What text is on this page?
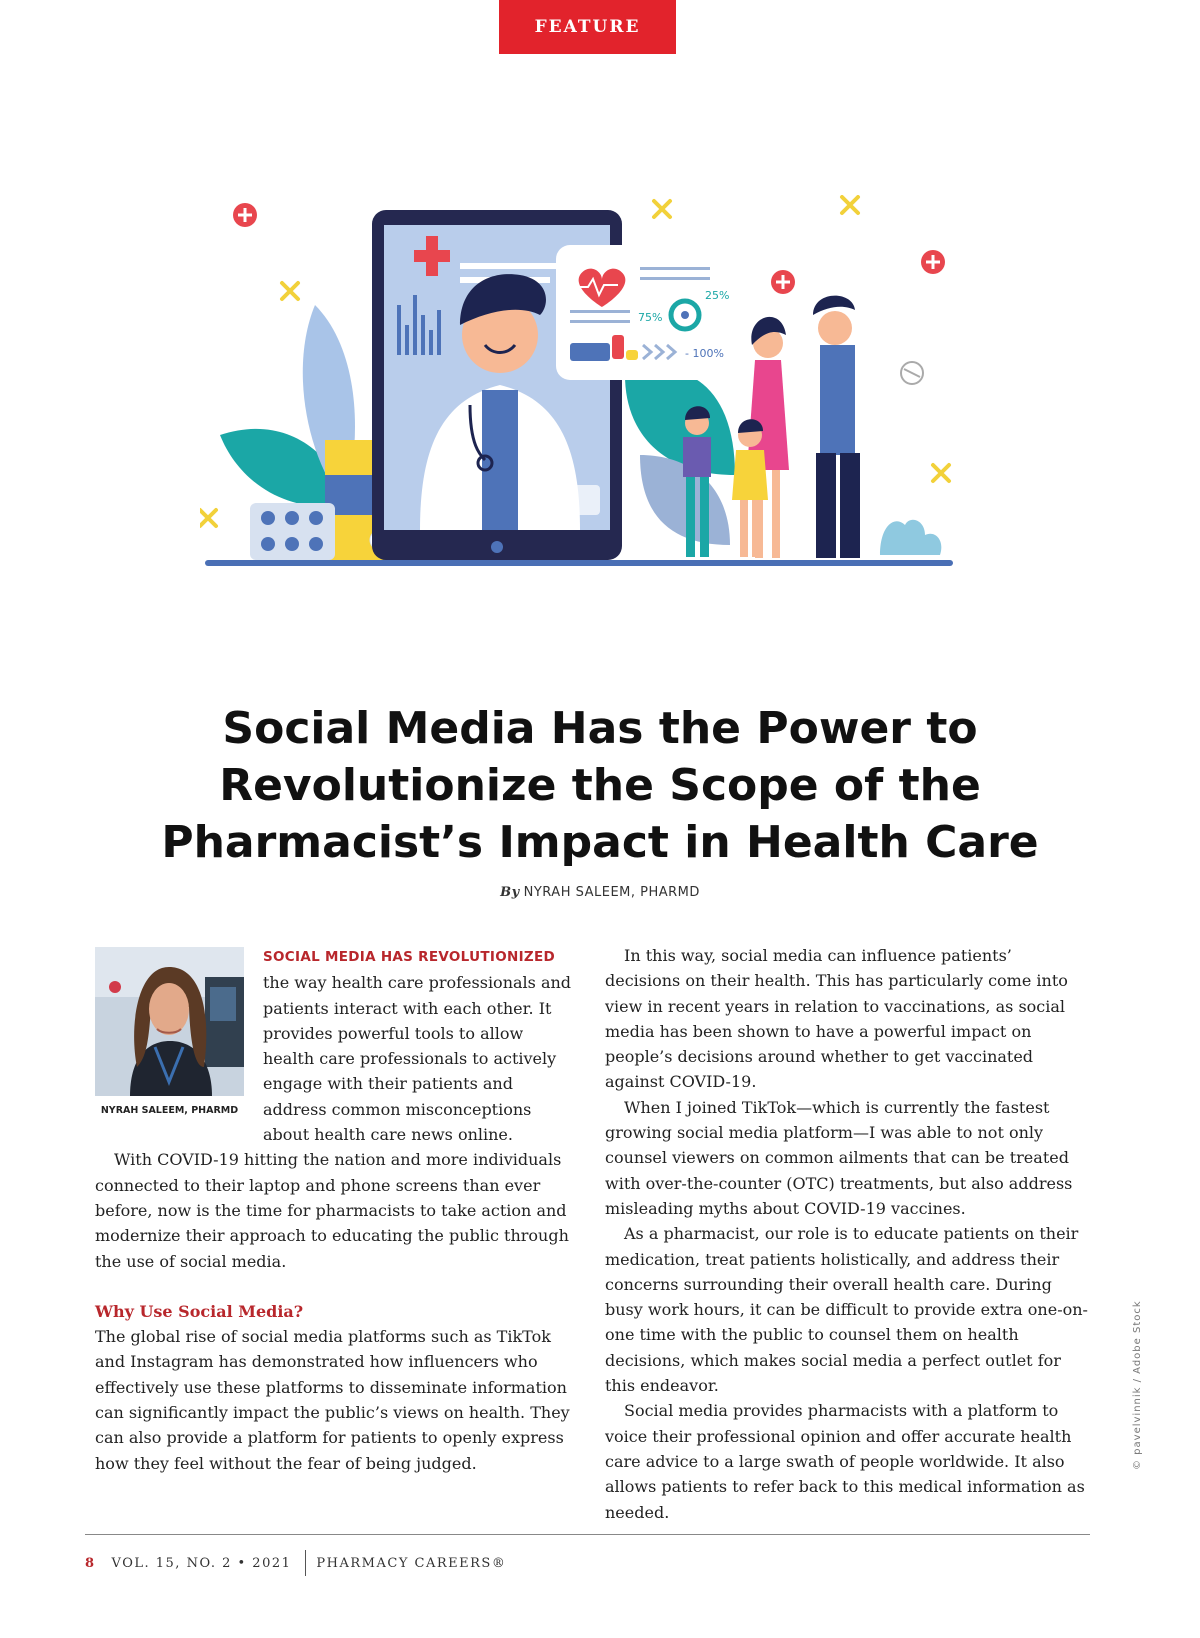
FEATURE
25%
75%
- 100%
Social Media Has the Power to Revolutionize the Scope of the Pharmacist’s Impact in Health Care
By NYRAH SALEEM, PHARMD

SOCIAL MEDIA HAS REVOLUTIONIZED the way health care professionals and patients interact with each other. It provides powerful tools to allow health care professionals to actively engage with their patients and address common misconceptions about health care news online.

With COVID-19 hitting the nation and more individuals connected to their laptop and phone screens than ever before, now is the time for pharmacists to take action and modernize their approach to educating the public through the use of social media.

Why Use Social Media?

The global rise of social media platforms such as TikTok and Instagram has demonstrated how influencers who effectively use these platforms to disseminate information can significantly impact the public’s views on health. They can also provide a platform for patients to openly express how they feel without the fear of being judged.

NYRAH SALEEM, PHARMD

In this way, social media can influence patients’ decisions on their health. This has particularly come into view in recent years in relation to vaccinations, as social media has been shown to have a powerful impact on people’s decisions around whether to get vaccinated against COVID-19.

When I joined TikTok—which is currently the fastest growing social media platform—I was able to not only counsel viewers on common ailments that can be treated with over-the-counter (OTC) treatments, but also address misleading myths about COVID-19 vaccines.

As a pharmacist, our role is to educate patients on their medication, treat patients holistically, and address their concerns surrounding their overall health care. During busy work hours, it can be difficult to provide extra one-on-one time with the public to counsel them on health decisions, which makes social media a perfect outlet for this endeavor.

Social media provides pharmacists with a platform to voice their professional opinion and offer accurate health care advice to a large swath of people worldwide. It also allows patients to refer back to this medical information as needed.

© pavelvinnik / Adobe Stock
8 VOL. 15, NO. 2 • 2021 PHARMACY CAREERS®
